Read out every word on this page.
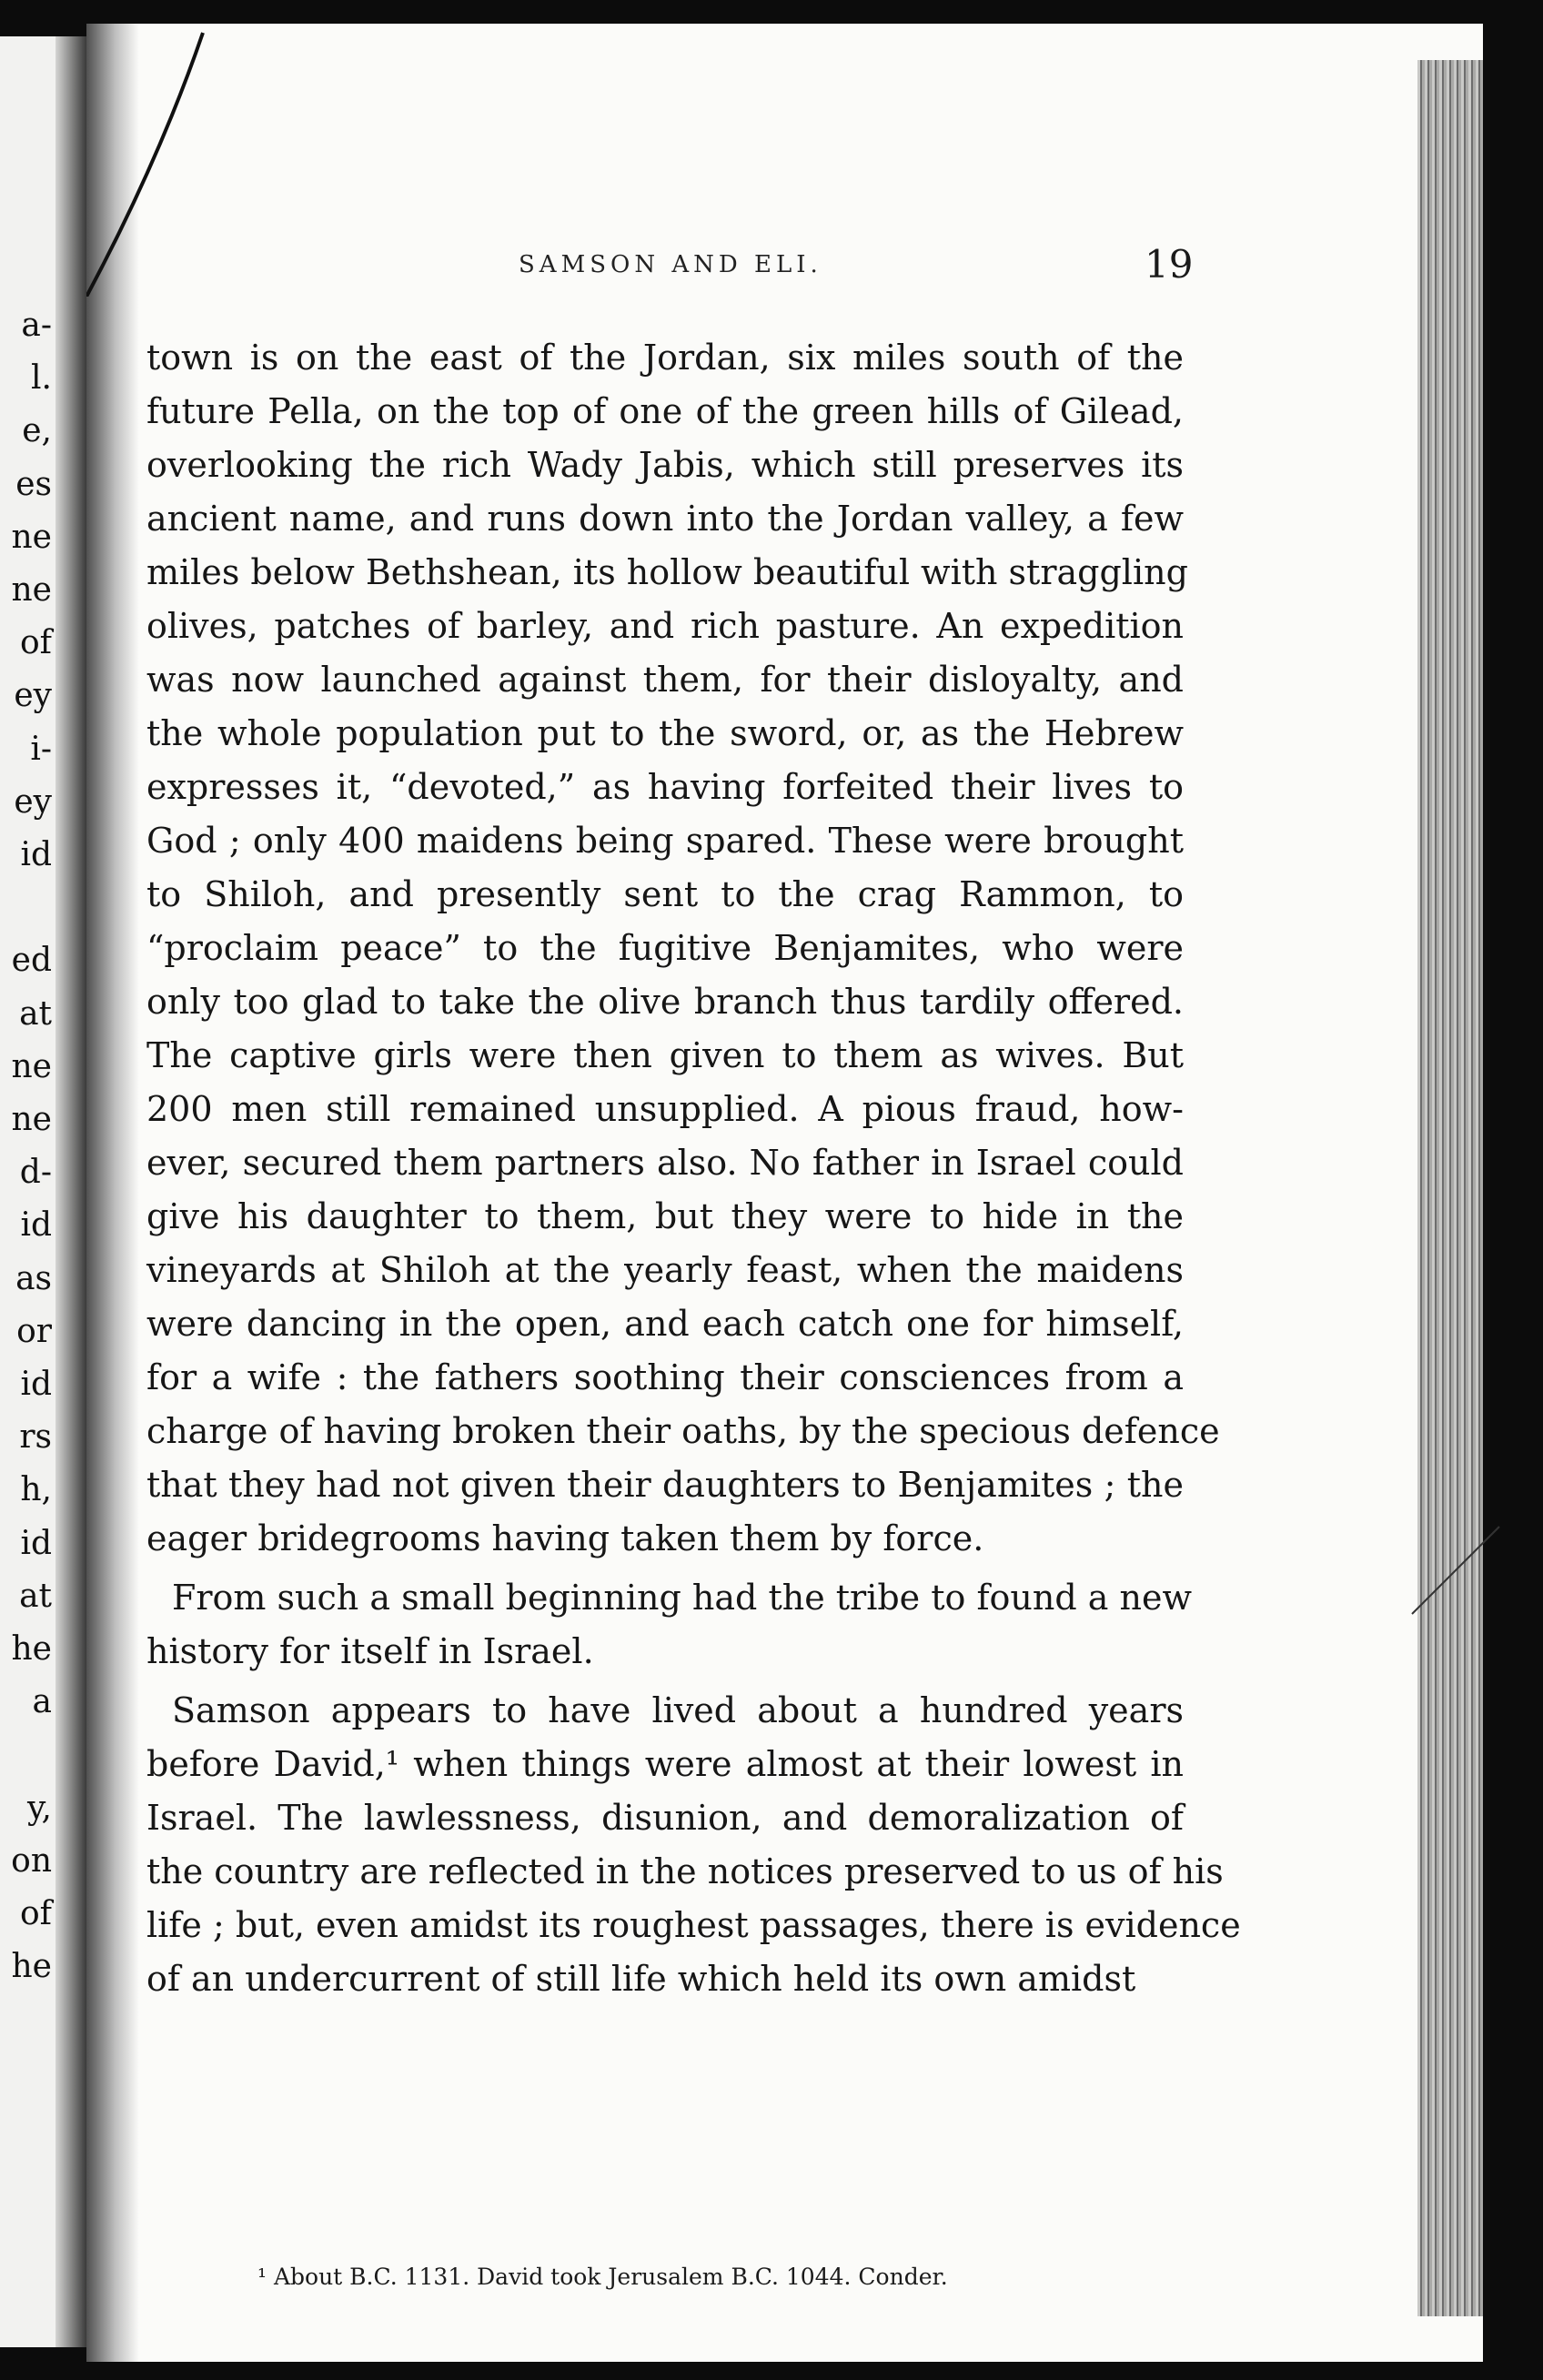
a-
l.
e,
es
ne
ne
of
ey
i-
ey
id
ed
at
ne
ne
d-
id
as
or
id
rs
h,
id
at
he
a
y,
on
of
he
SAMSON AND ELI.	19
town is on the east of the Jordan, six miles south of the
future Pella, on the top of one of the green hills of Gilead,
overlooking the rich Wady Jabis, which still preserves its
ancient name, and runs down into the Jordan valley, a few
miles below Bethshean, its hollow beautiful with straggling
olives, patches of barley, and rich pasture. An expedition
was now launched against them, for their disloyalty, and
the whole population put to the sword, or, as the Hebrew
expresses it, “devoted,” as having forfeited their lives to
God ; only 400 maidens being spared. These were brought
to Shiloh, and presently sent to the crag Rammon, to
“proclaim peace” to the fugitive Benjamites, who were
only too glad to take the olive branch thus tardily offered.
The captive girls were then given to them as wives. But
200 men still remained unsupplied. A pious fraud, how-
ever, secured them partners also. No father in Israel could
give his daughter to them, but they were to hide in the
vineyards at Shiloh at the yearly feast, when the maidens
were dancing in the open, and each catch one for himself,
for a wife : the fathers soothing their consciences from a
charge of having broken their oaths, by the specious defence
that they had not given their daughters to Benjamites ; the
eager bridegrooms having taken them by force.
From such a small beginning had the tribe to found a new
history for itself in Israel.
Samson appears to have lived about a hundred years
before David,¹ when things were almost at their lowest in
Israel. The lawlessness, disunion, and demoralization of
the country are reflected in the notices preserved to us of his
life ; but, even amidst its roughest passages, there is evidence
of an undercurrent of still life which held its own amidst
¹ About B.C. 1131. David took Jerusalem B.C. 1044. Conder.
